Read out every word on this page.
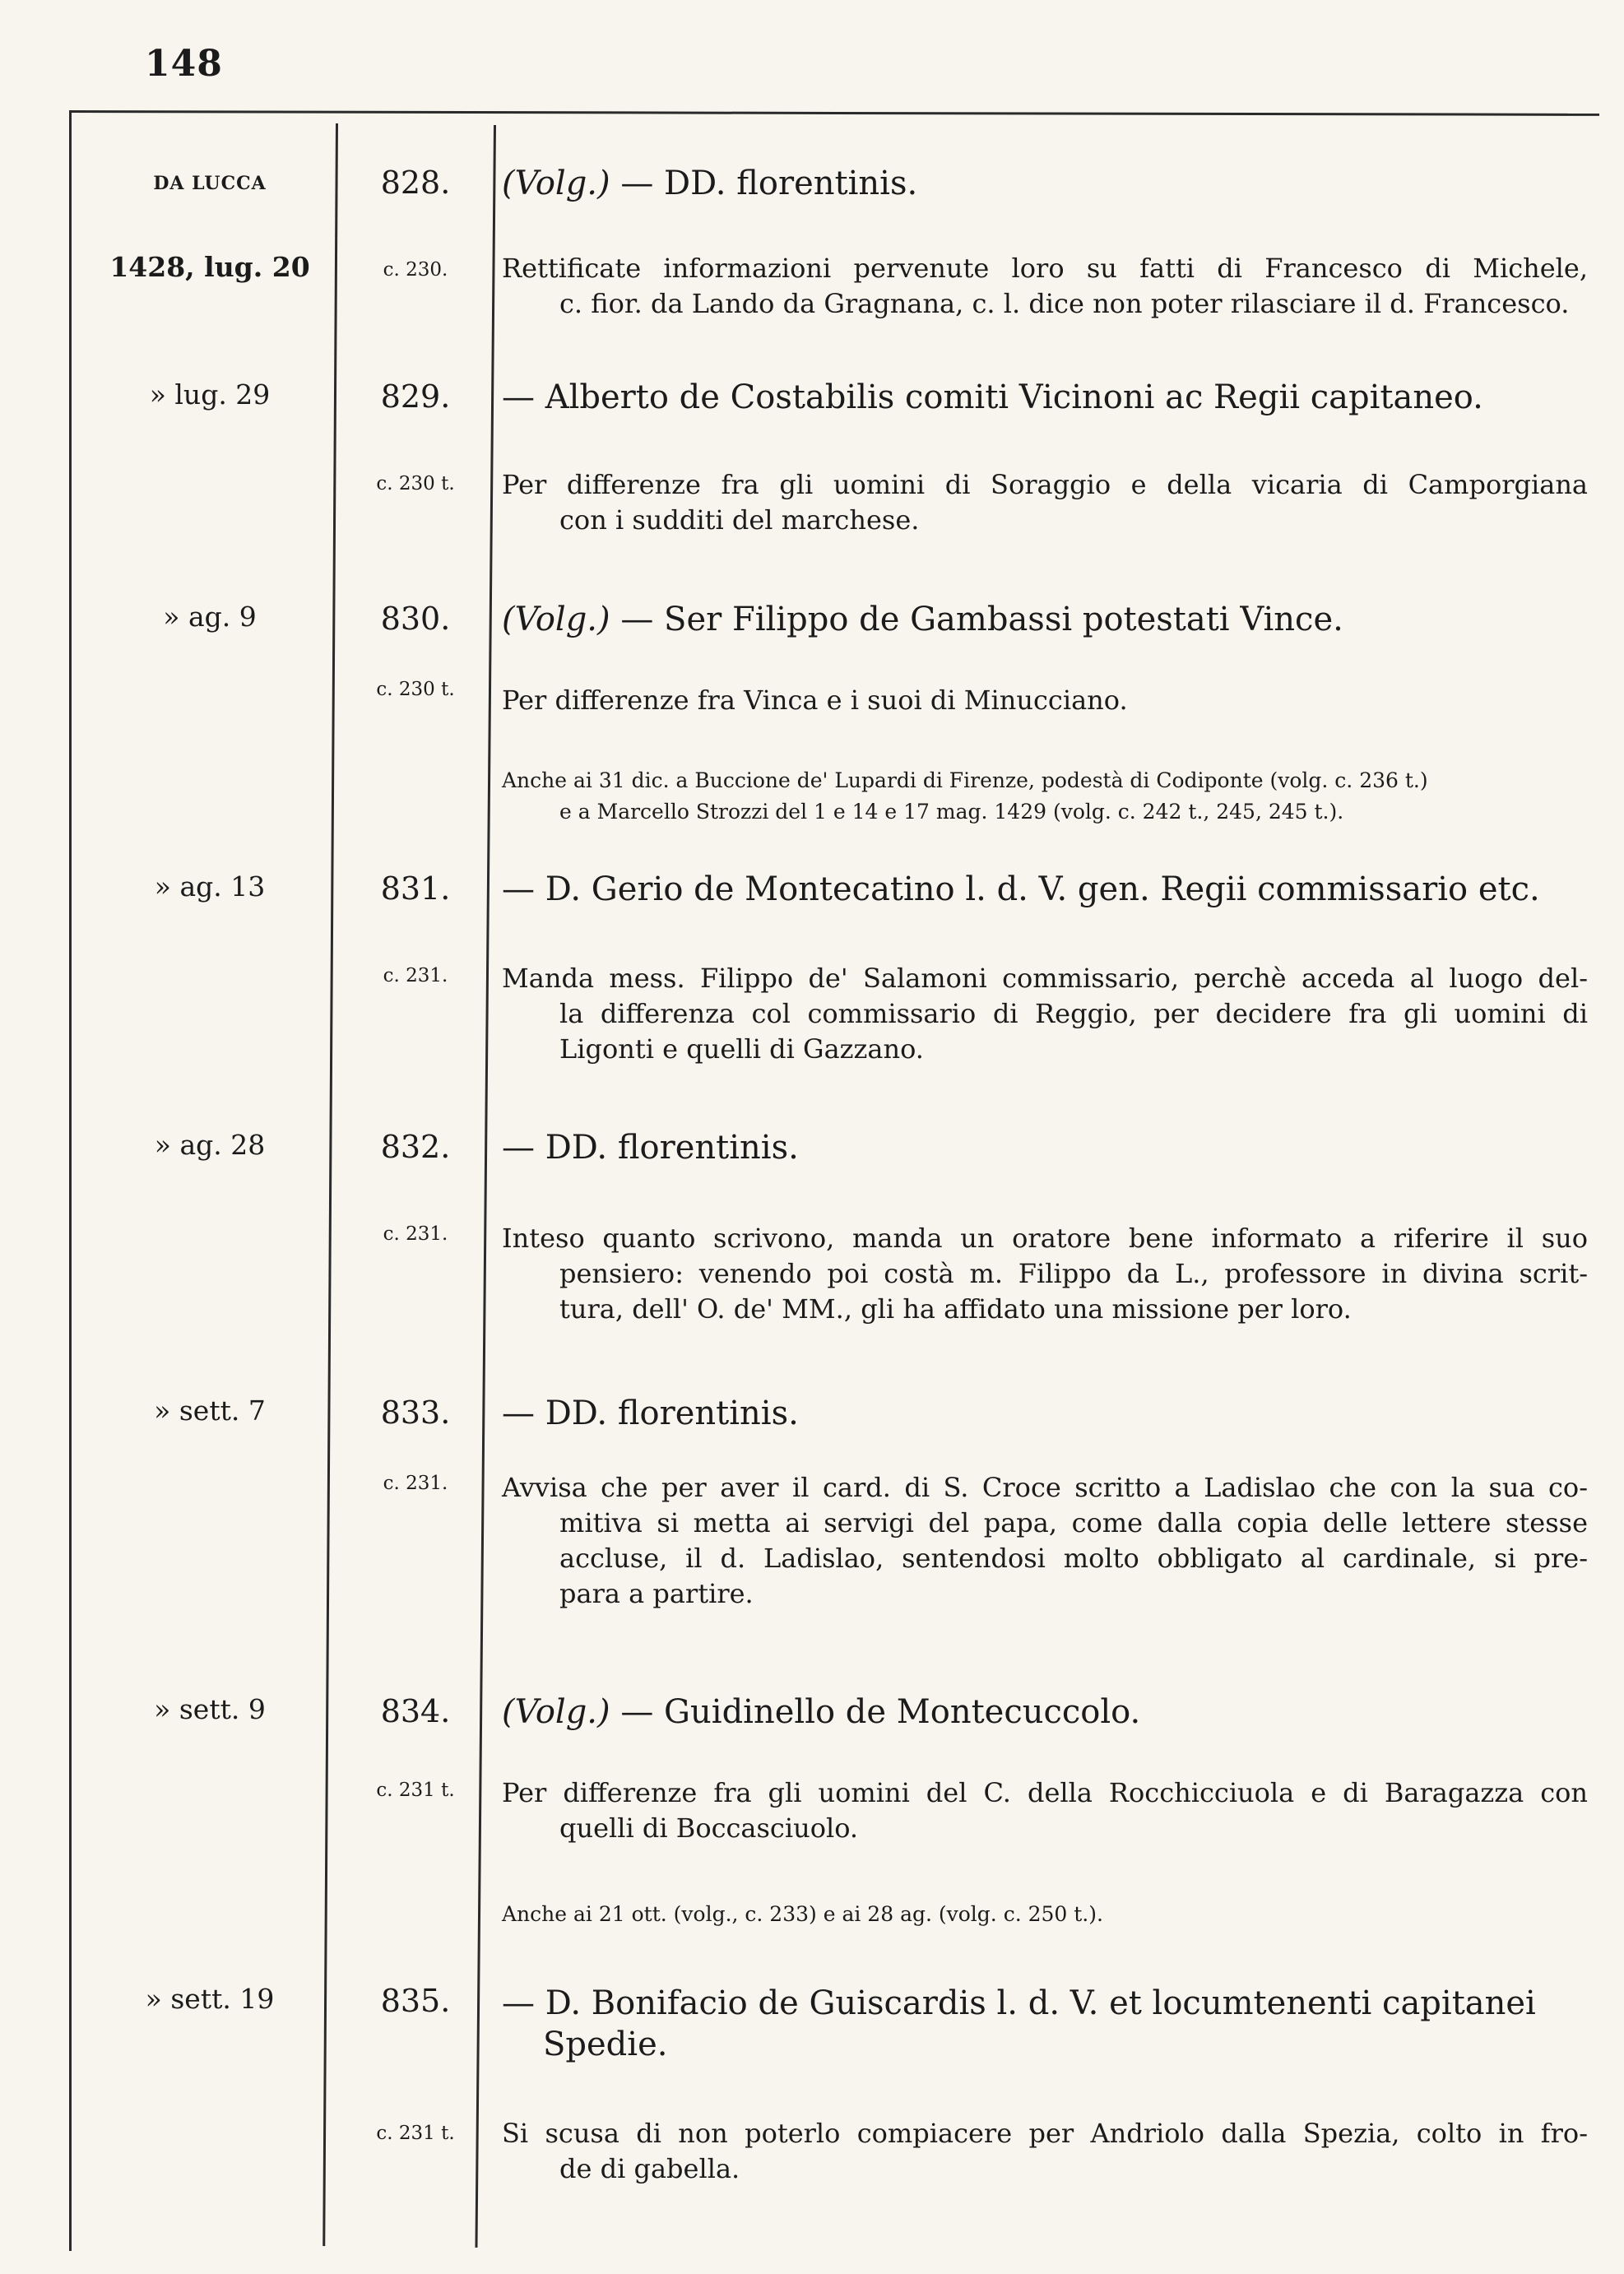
148
DA LUCCA	828.	(Volg.) — DD. florentinis.
1428, lug. 20	c. 230.	Rettificate informazioni pervenute loro su fatti di Francesco di Michele,

c. fior. da Lando da Gragnana, c. l. dice non poter rilasciare il d. Francesco.

» lug. 29	829.	— Alberto de Costabilis comiti Vicinoni ac Regii capitaneo.
c. 230 t.	Per differenze fra gli uomini di Soraggio e della vicaria di Camporgiana

con i sudditi del marchese.

» ag. 9	830.	(Volg.) — Ser Filippo de Gambassi potestati Vince.
c. 230 t.	Per differenze fra Vinca e i suoi di Minucciano.

Anche ai 31 dic. a Buccione de' Lupardi di Firenze, podestà di Codiponte (volg. c. 236 t.)

e a Marcello Strozzi del 1 e 14 e 17 mag. 1429 (volg. c. 242 t., 245, 245 t.).

» ag. 13	831.	— D. Gerio de Montecatino l. d. V. gen. Regii commissario etc.
c. 231.	Manda mess. Filippo de' Salamoni commissario, perchè acceda al luogo del-

la differenza col commissario di Reggio, per decidere fra gli uomini di

Ligonti e quelli di Gazzano.

» ag. 28	832.	— DD. florentinis.
c. 231.	Inteso quanto scrivono, manda un oratore bene informato a riferire il suo

pensiero: venendo poi costà m. Filippo da L., professore in divina scrit-

tura, dell' O. de' MM., gli ha affidato una missione per loro.

» sett. 7	833.	— DD. florentinis.
c. 231.	Avvisa che per aver il card. di S. Croce scritto a Ladislao che con la sua co-

mitiva si metta ai servigi del papa, come dalla copia delle lettere stesse

accluse, il d. Ladislao, sentendosi molto obbligato al cardinale, si pre-

para a partire.

» sett. 9	834.	(Volg.) — Guidinello de Montecuccolo.
c. 231 t.	Per differenze fra gli uomini del C. della Rocchicciuola e di Baragazza con

quelli di Boccasciuolo.

Anche ai 21 ott. (volg., c. 233) e ai 28 ag. (volg. c. 250 t.).

» sett. 19	835.	— D. Bonifacio de Guiscardis l. d. V. et locumtenenti capitanei
Spedie.
c. 231 t.	Si scusa di non poterlo compiacere per Andriolo dalla Spezia, colto in fro-

de di gabella.
